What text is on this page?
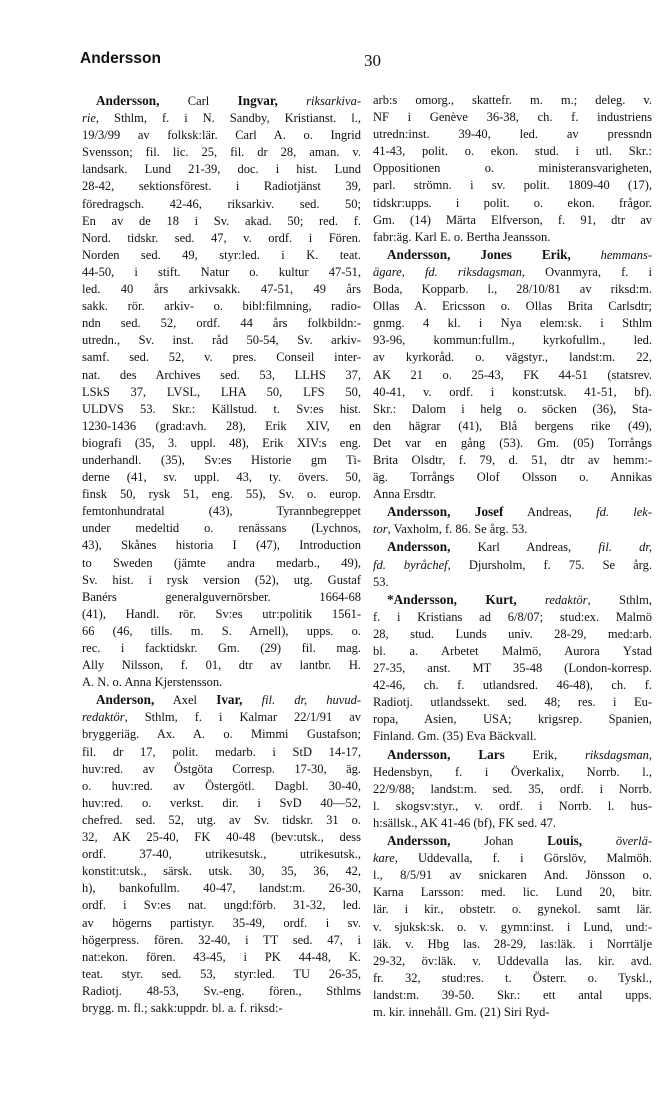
Andersson	30
Andersson, Carl Ingvar, riksarkiva-
rie, Sthlm, f. i N. Sandby, Kristianst. l.,
19/3/99 av folksk:lär. Carl A. o. Ingrid
Svensson; fil. lic. 25, fil. dr 28, aman. v.
landsark. Lund 21-39, doc. i hist. Lund
28-42, sektionsförest. i Radiotjänst 39,
föredragsch. 42-46, riksarkiv. sed. 50;
En av de 18 i Sv. akad. 50; red. f.
Nord. tidskr. sed. 47, v. ordf. i Fören.
Norden sed. 49, styr:led. i K. teat.
44-50, i stift. Natur o. kultur 47-51,
led. 40 års arkivsakk. 47-51, 49 års
sakk. rör. arkiv- o. bibl:filmning, radio-
ndn sed. 52, ordf. 44 års folkbildn:-
utredn., Sv. inst. råd 50-54, Sv. arkiv-
samf. sed. 52, v. pres. Conseil inter-
nat. des Archives sed. 53, LLHS 37,
LSkS 37, LVSL, LHA 50, LFS 50,
ULDVS 53. Skr.: Källstud. t. Sv:es hist.
1230-1436 (grad:avh. 28), Erik XIV, en
biografi (35, 3. uppl. 48), Erik XIV:s eng.
underhandl. (35), Sv:es Historie gm Ti-
derne (41, sv. uppl. 43, ty. övers. 50,
finsk 50, rysk 51, eng. 55), Sv. o. europ.
femtonhundratal (43), Tyrannbegreppet
under medeltid o. renässans (Lychnos,
43), Skånes historia I (47), Introduction
to Sweden (jämte andra medarb., 49),
Sv. hist. i rysk version (52), utg. Gustaf
Banérs generalguvernörsber. 1664-68
(41), Handl. rör. Sv:es utr:politik 1561-
66 (46, tills. m. S. Arnell), upps. o.
rec. i facktidskr. Gm. (29) fil. mag.
Ally Nilsson, f. 01, dtr av lantbr. H.
A. N. o. Anna Kjerstensson.
Anderson, Axel Ivar, fil. dr, huvud-
redaktör, Sthlm, f. i Kalmar 22/1/91 av
bryggeriäg. Ax. A. o. Mimmi Gustafson;
fil. dr 17, polit. medarb. i StD 14-17,
huv:red. av Östgöta Corresp. 17-30, äg.
o. huv:red. av Östergötl. Dagbl. 30-40,
huv:red. o. verkst. dir. i SvD 40—52,
chefred. sed. 52, utg. av Sv. tidskr. 31 o.
32, AK 25-40, FK 40-48 (bev:utsk., dess
ordf. 37-40, utrikesutsk., utrikesutsk.,
konstit:utsk., särsk. utsk. 30, 35, 36, 42,
h), bankofullm. 40-47, landst:m. 26-30,
ordf. i Sv:es nat. ungd:förb. 31-32, led.
av högerns partistyr. 35-49, ordf. i sv.
högerpress. fören. 32-40, i TT sed. 47, i
nat:ekon. fören. 43-45, i PK 44-48, K.
teat. styr. sed. 53, styr:led. TU 26-35,
Radiotj. 48-53, Sv.-eng. fören., Sthlms
brygg. m. fl.; sakk:uppdr. bl. a. f. riksd:-
arb:s omorg., skattefr. m. m.; deleg. v.
NF i Genève 36-38, ch. f. industriens
utredn:inst. 39-40, led. av pressndn
41-43, polit. o. ekon. stud. i utl. Skr.:
Oppositionen o. ministeransvarigheten,
parl. strömn. i sv. polit. 1809-40 (17),
tidskr:upps. i polit. o. ekon. frågor.
Gm. (14) Märta Elfverson, f. 91, dtr av
fabr:äg. Karl E. o. Bertha Jeansson.
Andersson, Jones Erik, hemmans-
ägare, fd. riksdagsman, Ovanmyra, f. i
Boda, Kopparb. l., 28/10/81 av riksd:m.
Ollas A. Ericsson o. Ollas Brita Carlsdtr;
gnmg. 4 kl. i Nya elem:sk. i Sthlm
93-96, kommun:fullm., kyrkofullm., led.
av kyrkoråd. o. vägstyr., landst:m. 22,
AK 21 o. 25-43, FK 44-51 (statsrev.
40-41, v. ordf. i konst:utsk. 41-51, bf).
Skr.: Dalom i helg o. söcken (36), Sta-
den hägrar (41), Blå bergens rike (49),
Det var en gång (53). Gm. (05) Torrångs
Brita Olsdtr, f. 79, d. 51, dtr av hemm:-
äg. Torrångs Olof Olsson o. Annikas
Anna Ersdtr.
Andersson, Josef Andreas, fd. lek-
tor, Vaxholm, f. 86. Se årg. 53.
Andersson, Karl Andreas, fil. dr,
fd. byråchef, Djursholm, f. 75. Se årg.
53.
*Andersson, Kurt, redaktör, Sthlm,
f. i Kristians ad 6/8/07; stud:ex. Malmö
28, stud. Lunds univ. 28-29, med:arb.
bl. a. Arbetet Malmö, Aurora Ystad
27-35, anst. MT 35-48 (London-korresp.
42-46, ch. f. utlandsred. 46-48), ch. f.
Radiotj. utlandssekt. sed. 48; res. i Eu-
ropa, Asien, USA; krigsrep. Spanien,
Finland. Gm. (35) Eva Bäckvall.
Andersson, Lars Erik, riksdagsman,
Hedensbyn, f. i Överkalix, Norrb. l.,
22/9/88; landst:m. sed. 35, ordf. i Norrb.
l. skogsv:styr., v. ordf. i Norrb. l. hus-
h:sällsk., AK 41-46 (bf), FK sed. 47.
Andersson, Johan Louis,	överlä-
kare, Uddevalla, f. i Görslöv, Malmöh.
l., 8/5/91 av snickaren And. Jönsson o.
Karna Larsson: med. lic. Lund 20, bitr.
lär. i kir., obstetr. o. gynekol. samt lär.
v. sjuksk:sk. o. v. gymn:inst. i Lund, und:-
läk. v. Hbg las. 28-29, las:läk. i Norrtälje
29-32, öv:läk. v. Uddevalla las. kir. avd.
fr. 32, stud:res. t. Österr. o. Tyskl.,
landst:m. 39-50. Skr.: ett antal upps.
m. kir. innehåll. Gm. (21) Siri Ryd-
